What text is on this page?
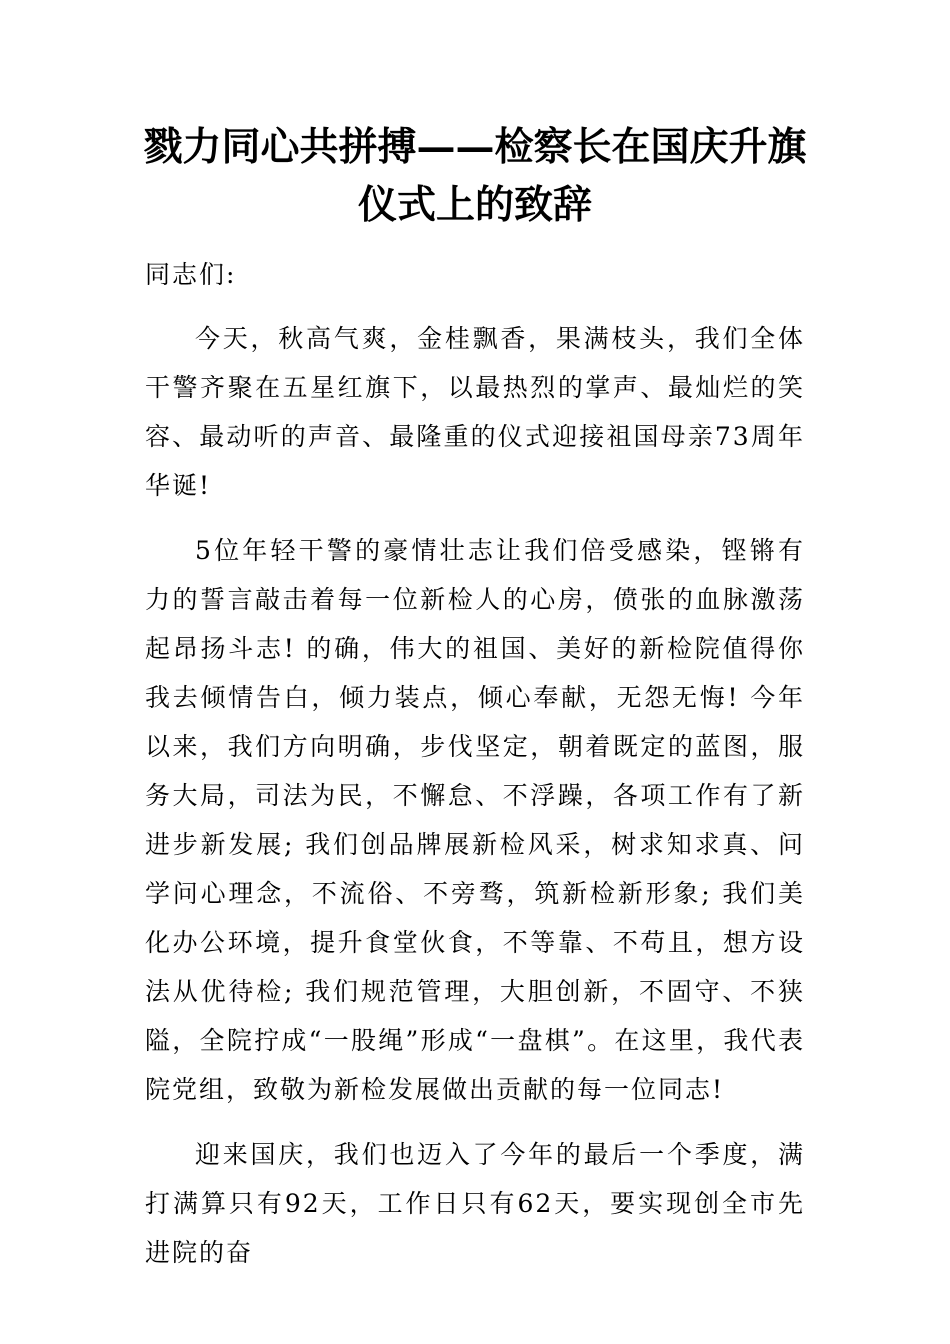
戮力同心共拼搏——检察长在国庆升旗仪式上的致辞

同志们:

今天，秋高气爽，金桂飘香，果满枝头，我们全体干警齐聚在五星红旗下，以最热烈的掌声、最灿烂的笑容、最动听的声音、最隆重的仪式迎接祖国母亲73周年华诞!

5位年轻干警的豪情壮志让我们倍受感染，铿锵有力的誓言敲击着每一位新检人的心房，偾张的血脉激荡起昂扬斗志! 的确，伟大的祖国、美好的新检院值得你我去倾情告白，倾力装点，倾心奉献，无怨无悔! 今年以来，我们方向明确，步伐坚定，朝着既定的蓝图，服务大局，司法为民，不懈怠、不浮躁，各项工作有了新进步新发展; 我们创品牌展新检风采，树求知求真、问学问心理念，不流俗、不旁骛，筑新检新形象; 我们美化办公环境，提升食堂伙食，不等靠、不苟且，想方设法从优待检; 我们规范管理，大胆创新，不固守、不狭隘，全院拧成“一股绳”形成“一盘棋”。在这里，我代表院党组，致敬为新检发展做出贡献的每一位同志!

迎来国庆，我们也迈入了今年的最后一个季度，满打满算只有92天，工作日只有62天，要实现创全市先进院的奋
